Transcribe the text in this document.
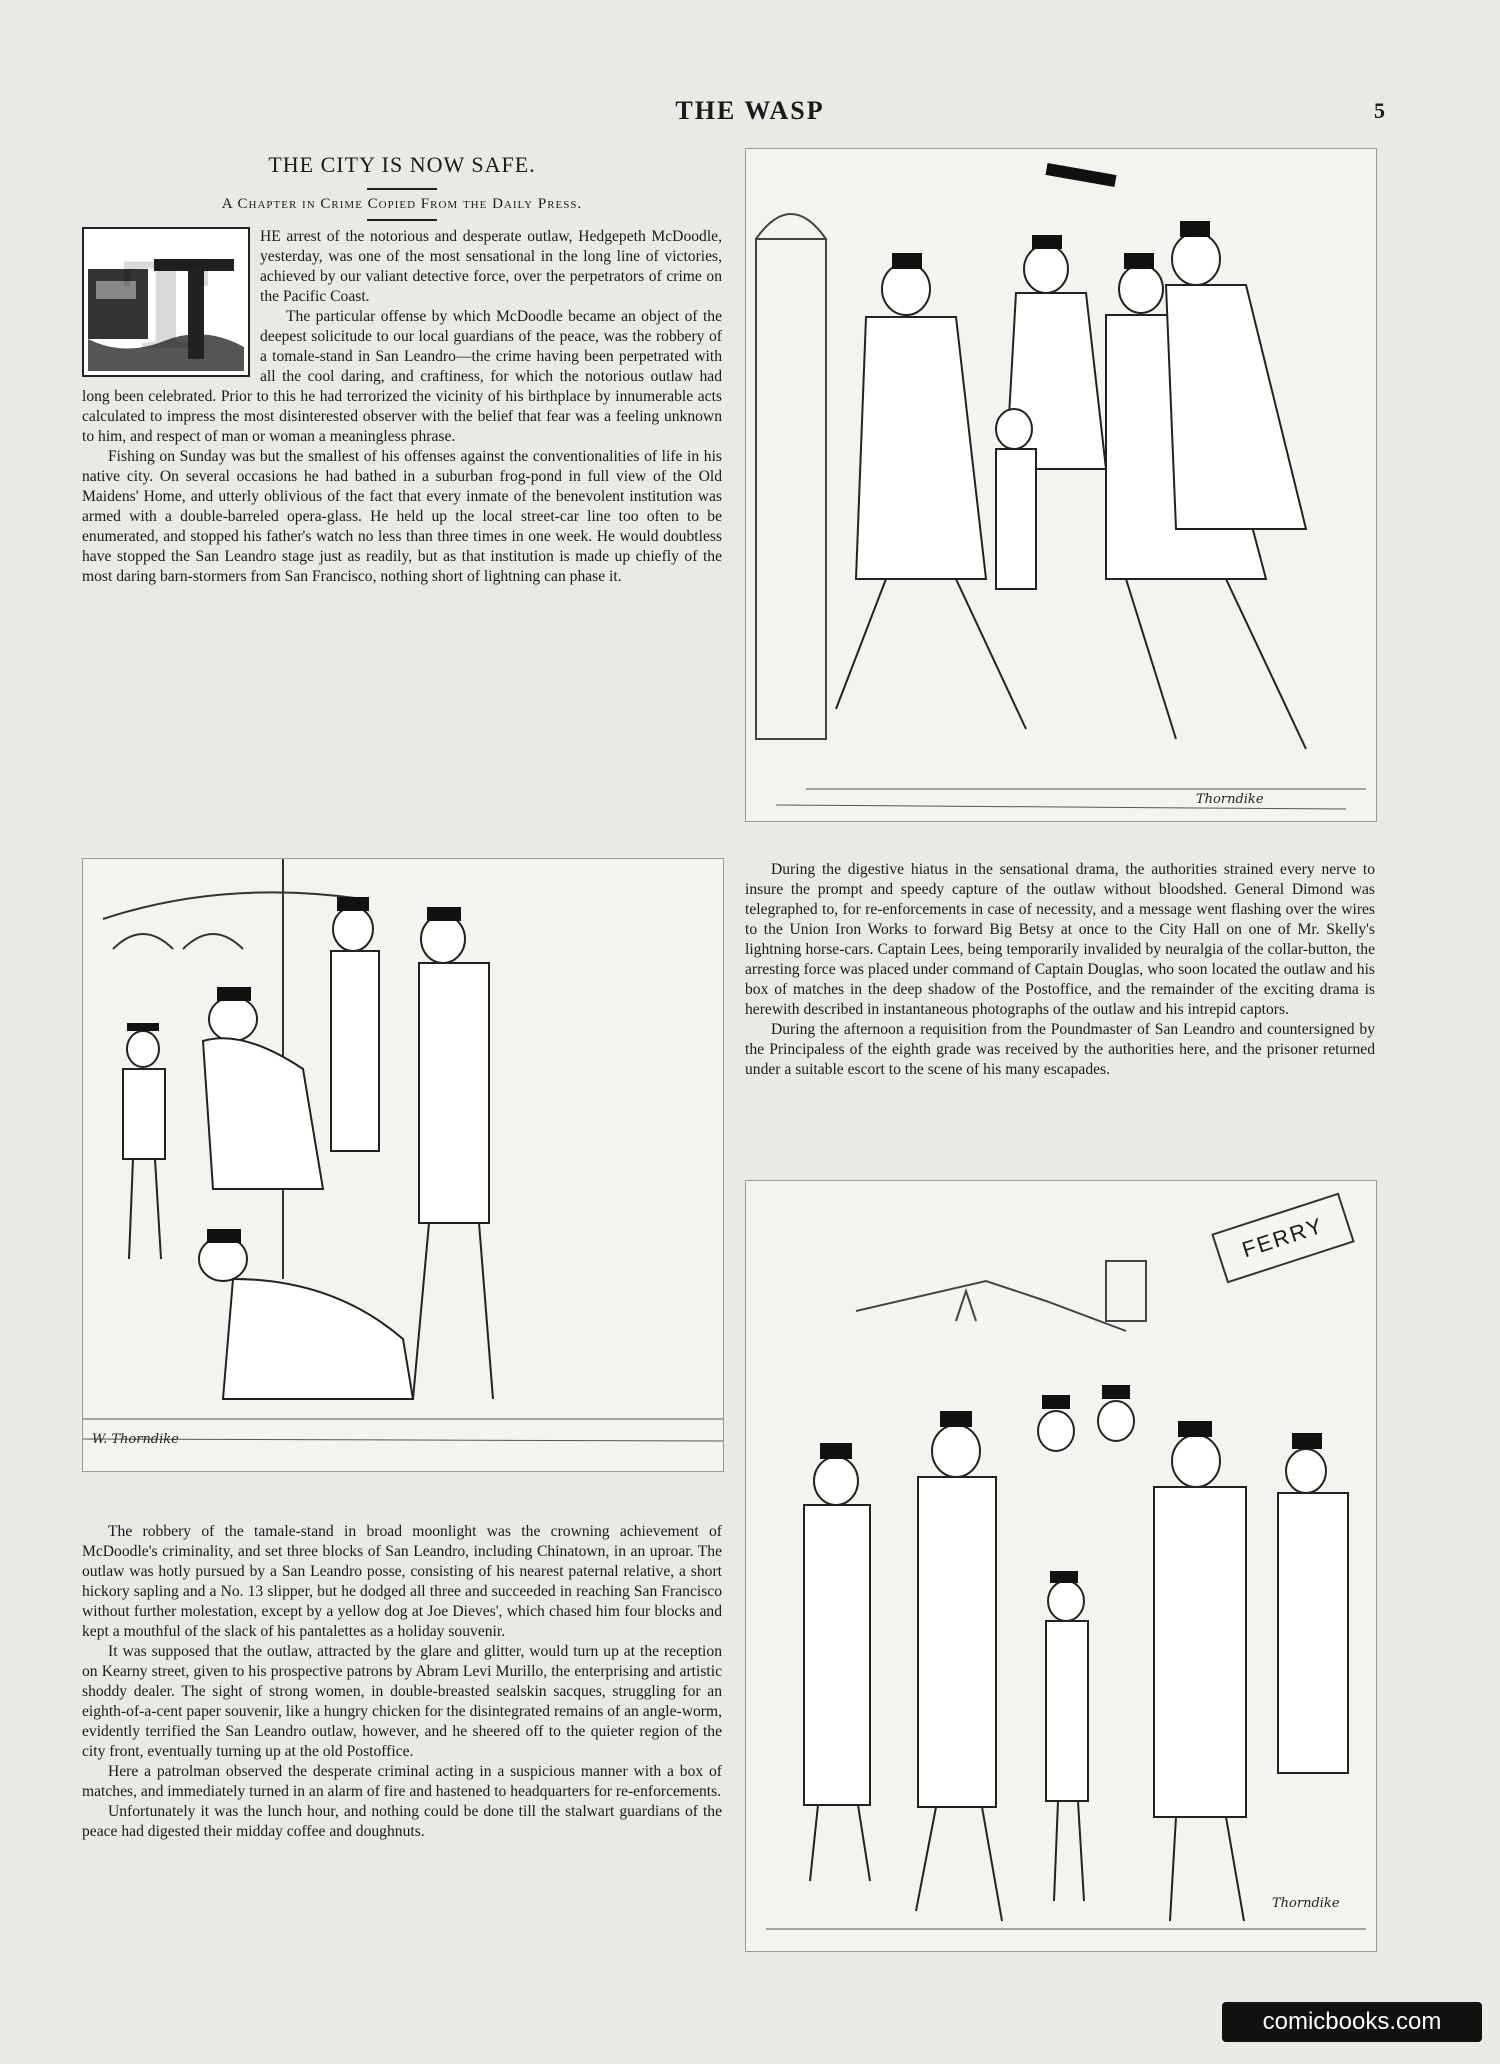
THE WASP	5
THE CITY IS NOW SAFE.
A Chapter in Crime Copied From the Daily Press.
T	HE arrest of the notorious and desperate outlaw, Hedgepeth McDoodle, yesterday, was one of the most sensational in the long line of victories, achieved by our valiant detective force, over the perpetrators of crime on the Pacific Coast.

The particular offense by which McDoodle became an object of the deepest solicitude to our local guardians of the peace, was the robbery of a tomale-stand in San Leandro—the crime having been perpetrated with all the cool daring, and craftiness, for which the notorious outlaw had long been celebrated. Prior to this he had terrorized the vicinity of his birthplace by innumerable acts calculated to impress the most disinterested observer with the belief that fear was a feeling unknown to him, and respect of man or woman a meaningless phrase.

Fishing on Sunday was but the smallest of his offenses against the conventionalities of life in his native city. On several occasions he had bathed in a suburban frog-pond in full view of the Old Maidens' Home, and utterly oblivious of the fact that every inmate of the benevolent institution was armed with a double-barreled opera-glass. He held up the local street-car line too often to be enumerated, and stopped his father's watch no less than three times in one week. He would doubtless have stopped the San Leandro stage just as readily, but as that institution is made up chiefly of the most daring barn-stormers from San Francisco, nothing short of lightning can phase it.

W. Thorndike

The robbery of the tamale-stand in broad moonlight was the crowning achievement of McDoodle's criminality, and set three blocks of San Leandro, including Chinatown, in an uproar. The outlaw was hotly pursued by a San Leandro posse, consisting of his nearest paternal relative, a short hickory sapling and a No. 13 slipper, but he dodged all three and succeeded in reaching San Francisco without further molestation, except by a yellow dog at Joe Dieves', which chased him four blocks and kept a mouthful of the slack of his pantalettes as a holiday souvenir.

It was supposed that the outlaw, attracted by the glare and glitter, would turn up at the reception on Kearny street, given to his prospective patrons by Abram Levi Murillo, the enterprising and artistic shoddy dealer. The sight of strong women, in double-breasted sealskin sacques, struggling for an eighth-of-a-cent paper souvenir, like a hungry chicken for the disintegrated remains of an angle-worm, evidently terrified the San Leandro outlaw, however, and he sheered off to the quieter region of the city front, eventually turning up at the old Postoffice.

Here a patrolman observed the desperate criminal acting in a suspicious manner with a box of matches, and immediately turned in an alarm of fire and hastened to headquarters for re-enforcements.

Unfortunately it was the lunch hour, and nothing could be done till the stalwart guardians of the peace had digested their midday coffee and doughnuts.

Thorndike

During the digestive hiatus in the sensational drama, the authorities strained every nerve to insure the prompt and speedy capture of the outlaw without bloodshed. General Dimond was telegraphed to, for re-enforcements in case of necessity, and a message went flashing over the wires to the Union Iron Works to forward Big Betsy at once to the City Hall on one of Mr. Skelly's lightning horse-cars. Captain Lees, being temporarily invalided by neuralgia of the collar-button, the arresting force was placed under command of Captain Douglas, who soon located the outlaw and his box of matches in the deep shadow of the Postoffice, and the remainder of the exciting drama is herewith described in instantaneous photographs of the outlaw and his intrepid captors.

During the afternoon a requisition from the Poundmaster of San Leandro and countersigned by the Principaless of the eighth grade was received by the authorities here, and the prisoner returned under a suitable escort to the scene of his many escapades.

FERRY
Thorndike
comicbooks.com
